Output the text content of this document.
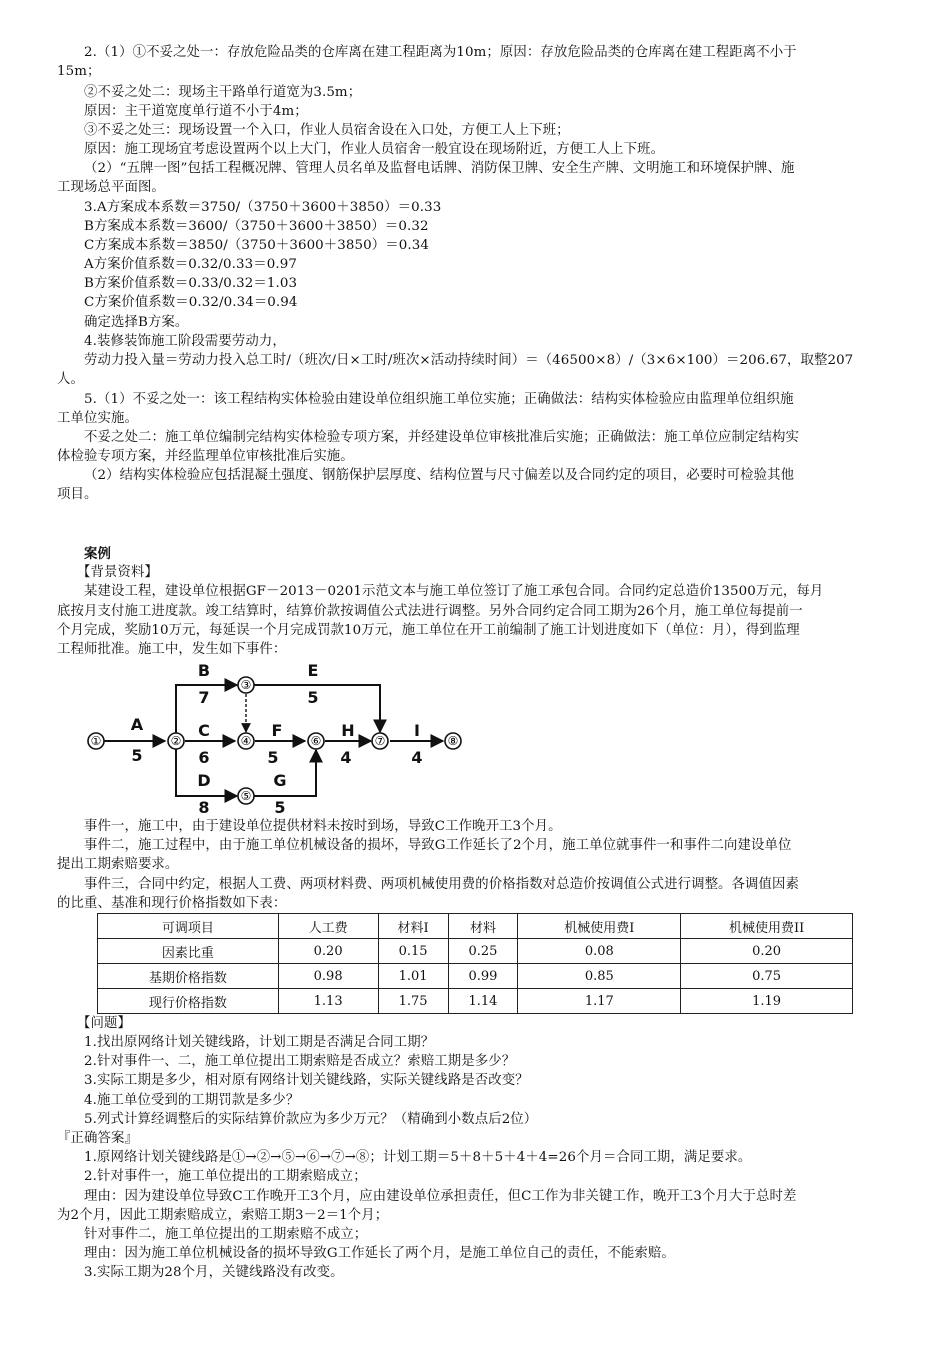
2.（1）①不妥之处一：存放危险品类的仓库离在建工程距离为10m；原因：存放危险品类的仓库离在建工程距离不小于
15m；
②不妥之处二：现场主干路单行道宽为3.5m；
原因：主干道宽度单行道不小于4m；
③不妥之处三：现场设置一个入口，作业人员宿舍设在入口处，方便工人上下班；
原因：施工现场宜考虑设置两个以上大门，作业人员宿舍一般宜设在现场附近，方便工人上下班。
（2）“五牌一图”包括工程概况牌、管理人员名单及监督电话牌、消防保卫牌、安全生产牌、文明施工和环境保护牌、施
工现场总平面图。
3.A方案成本系数＝3750/（3750＋3600＋3850）＝0.33
B方案成本系数＝3600/（3750＋3600＋3850）＝0.32
C方案成本系数＝3850/（3750＋3600＋3850）＝0.34
A方案价值系数＝0.32/0.33＝0.97
B方案价值系数＝0.33/0.32＝1.03
C方案价值系数＝0.32/0.34＝0.94
确定选择B方案。
4.装修装饰施工阶段需要劳动力，
劳动力投入量＝劳动力投入总工时/（班次/日×工时/班次×活动持续时间）＝（46500×8）/（3×6×100）＝206.67，取整207
人。
5.（1）不妥之处一：该工程结构实体检验由建设单位组织施工单位实施；正确做法：结构实体检验应由监理单位组织施
工单位实施。
不妥之处二：施工单位编制完结构实体检验专项方案，并经建设单位审核批准后实施；正确做法：施工单位应制定结构实
体检验专项方案，并经监理单位审核批准后实施。
（2）结构实体检验应包括混凝土强度、钢筋保护层厚度、结构位置与尺寸偏差以及合同约定的项目，必要时可检验其他
项目。
案例
【背景资料】
某建设工程，建设单位根据GF－2013－0201示范文本与施工单位签订了施工承包合同。合同约定总造价13500万元，每月
底按月支付施工进度款。竣工结算时，结算价款按调值公式法进行调整。另外合同约定合同工期为26个月，施工单位每提前一
个月完成，奖励10万元，每延误一个月完成罚款10万元，施工单位在开工前编制了施工计划进度如下（单位：月），得到监理
工程师批准。施工中，发生如下事件：
A
5
B
7
C
6
D
8
E
5
F
5
G
5
H
4
I
4
①	②
③
④
⑤
⑥	⑦	⑧
事件一，施工中，由于建设单位提供材料未按时到场，导致C工作晚开工3个月。
事件二，施工过程中，由于施工单位机械设备的损坏，导致G工作延长了2个月，施工单位就事件一和事件二向建设单位
提出工期索赔要求。
事件三，合同中约定，根据人工费、两项材料费、两项机械使用费的价格指数对总造价按调值公式进行调整。各调值因素
的比重、基准和现行价格指数如下表：
可调项目	人工费	材料I	材料	机械使用费I	机械使用费II
因素比重	0.20	0.15	0.25	0.08	0.20
基期价格指数	0.98	1.01	0.99	0.85	0.75
现行价格指数	1.13	1.75	1.14	1.17	1.19
【问题】
1.找出原网络计划关键线路，计划工期是否满足合同工期？
2.针对事件一、二，施工单位提出工期索赔是否成立？索赔工期是多少？
3.实际工期是多少，相对原有网络计划关键线路，实际关键线路是否改变？
4.施工单位受到的工期罚款是多少？
5.列式计算经调整后的实际结算价款应为多少万元？（精确到小数点后2位）
『正确答案』
1.原网络计划关键线路是①→②→⑤→⑥→⑦→⑧；计划工期＝5＋8＋5＋4＋4=26个月＝合同工期，满足要求。
2.针对事件一，施工单位提出的工期索赔成立；
理由：因为建设单位导致C工作晚开工3个月，应由建设单位承担责任，但C工作为非关键工作，晚开工3个月大于总时差
为2个月，因此工期索赔成立，索赔工期3－2＝1个月；
针对事件二，施工单位提出的工期索赔不成立；
理由：因为施工单位机械设备的损坏导致G工作延长了两个月，是施工单位自己的责任，不能索赔。
3.实际工期为28个月，关键线路没有改变。
